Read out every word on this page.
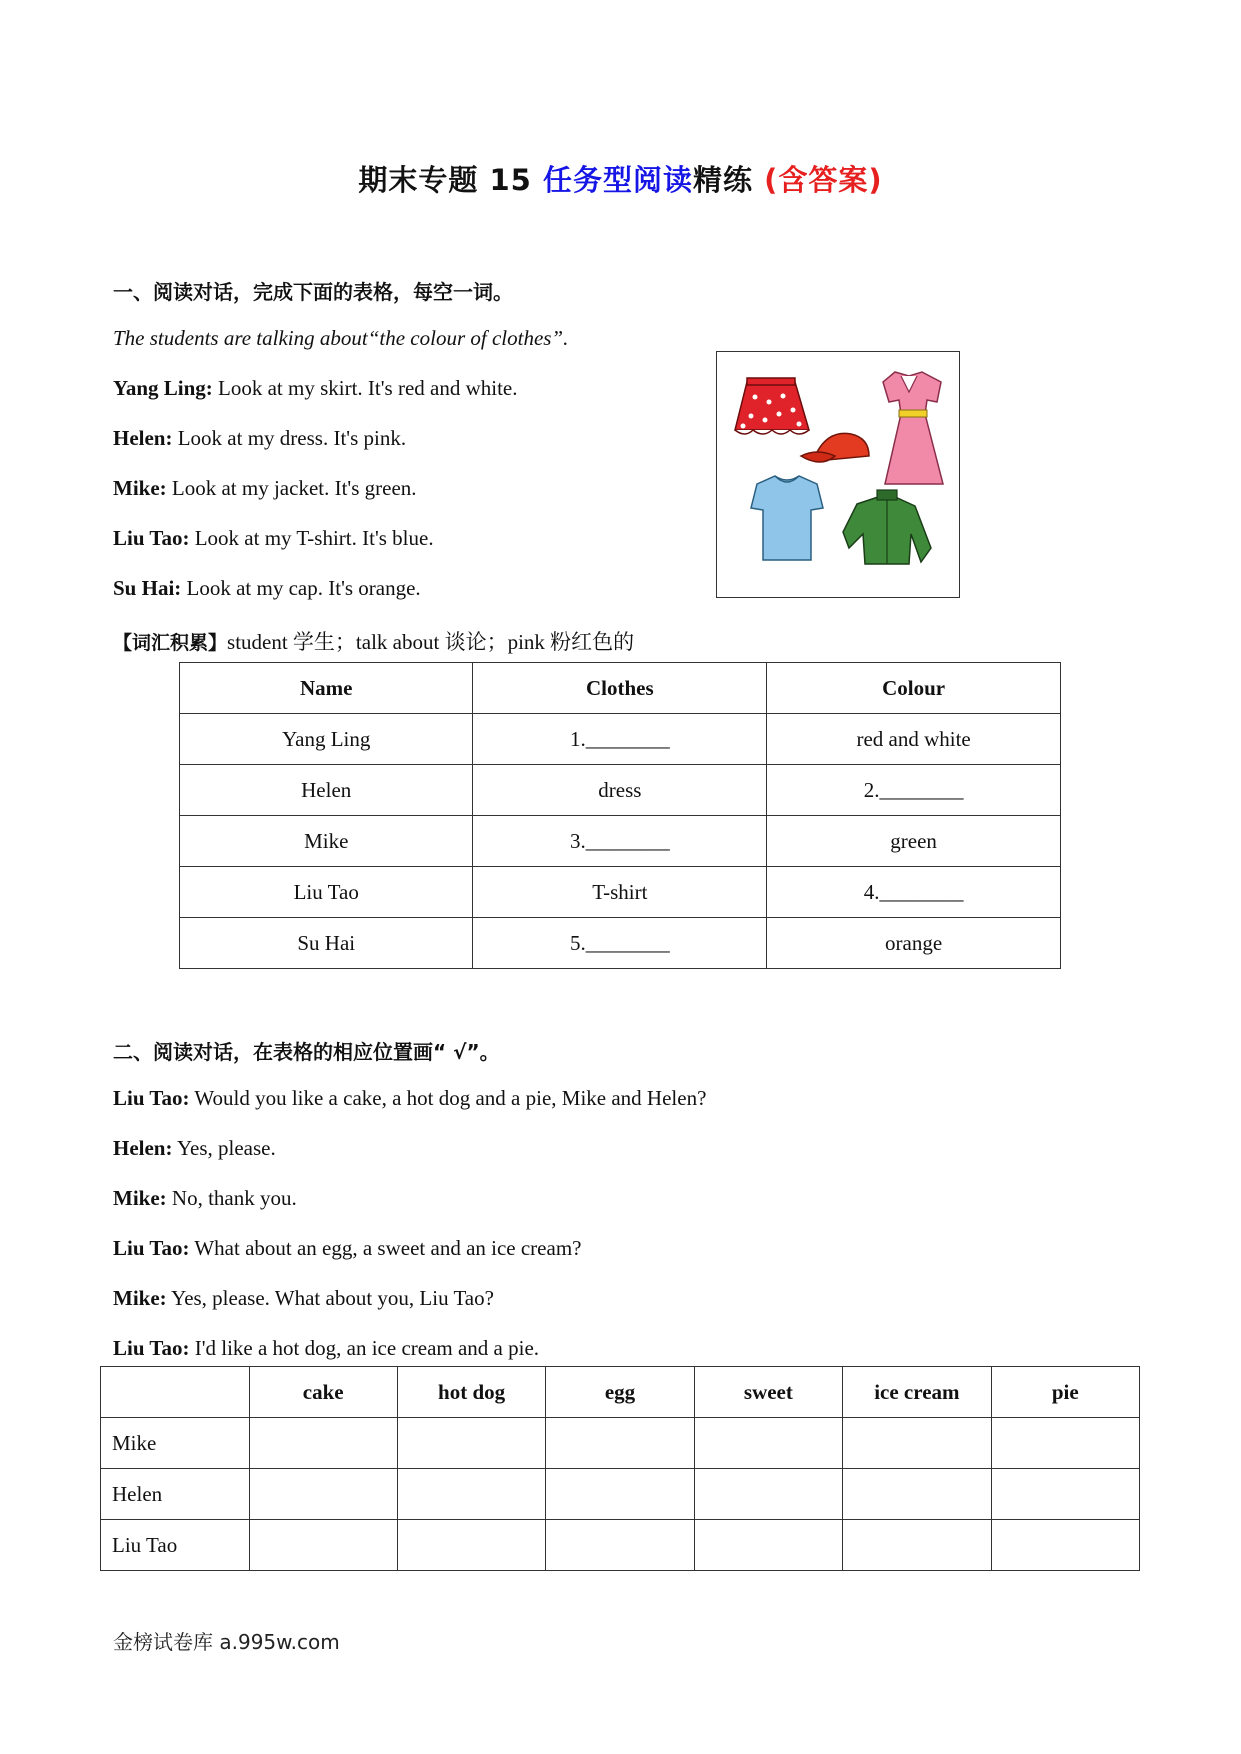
期末专题 15 任务型阅读精练 (含答案)
一、阅读对话，完成下面的表格，每空一词。
The students are talking about“the colour of clothes”.
Yang Ling: Look at my skirt. It's red and white.
Helen: Look at my dress. It's pink.
Mike: Look at my jacket. It's green.
Liu Tao: Look at my T-shirt. It's blue.
Su Hai: Look at my cap. It's orange.
【词汇积累】student 学生；talk about 谈论；pink 粉红色的
Name	Clothes	Colour
Yang Ling	1.________	red and white
Helen	dress	2.________
Mike	3.________	green
Liu Tao	T-shirt	4.________
Su Hai	5.________	orange
二、阅读对话，在表格的相应位置画“ √”。
Liu Tao: Would you like a cake, a hot dog and a pie, Mike and Helen?
Helen: Yes, please.
Mike: No, thank you.
Liu Tao: What about an egg, a sweet and an ice cream?
Mike: Yes, please. What about you, Liu Tao?
Liu Tao: I'd like a hot dog, an ice cream and a pie.
	cake	hot dog	egg	sweet	ice cream	pie
Mike						
Helen						
Liu Tao						
金榜试卷库 a.995w.com
